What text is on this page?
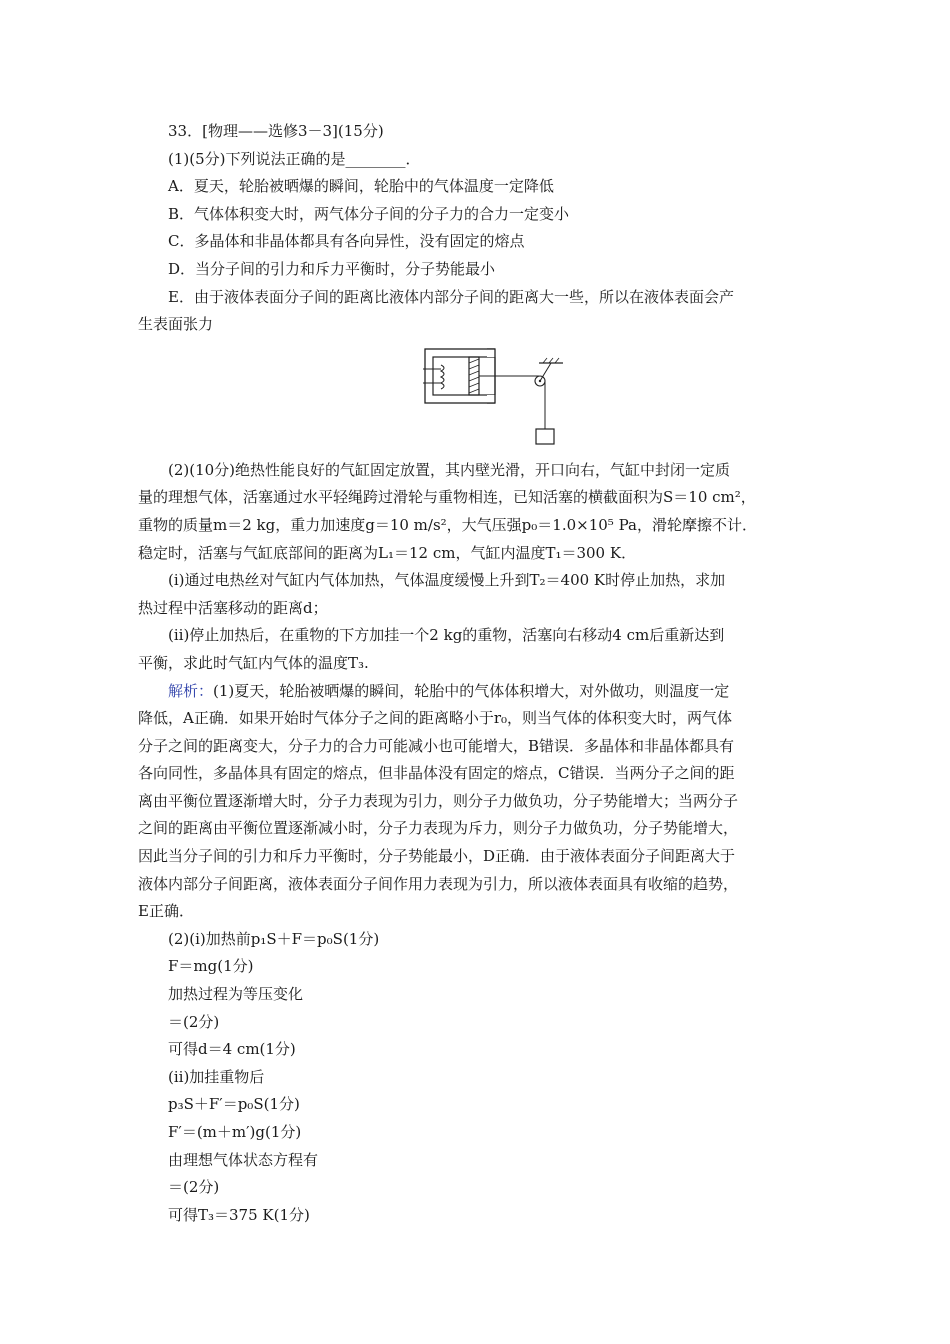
33．[物理——选修3－3](15分)
(1)(5分)下列说法正确的是________．
A．夏天，轮胎被晒爆的瞬间，轮胎中的气体温度一定降低
B．气体体积变大时，两气体分子间的分子力的合力一定变小
C．多晶体和非晶体都具有各向异性，没有固定的熔点
D．当分子间的引力和斥力平衡时，分子势能最小
E．由于液体表面分子间的距离比液体内部分子间的距离大一些，所以在液体表面会产
生表面张力
(2)(10分)绝热性能良好的气缸固定放置，其内壁光滑，开口向右，气缸中封闭一定质
量的理想气体，活塞通过水平轻绳跨过滑轮与重物相连，已知活塞的横截面积为S＝10 cm²，
重物的质量m＝2 kg，重力加速度g＝10 m/s²，大气压强p₀＝1.0×10⁵ Pa，滑轮摩擦不计．
稳定时，活塞与气缸底部间的距离为L₁＝12 cm，气缸内温度T₁＝300 K．
(ⅰ)通过电热丝对气缸内气体加热，气体温度缓慢上升到T₂＝400 K时停止加热，求加
热过程中活塞移动的距离d；
(ⅱ)停止加热后，在重物的下方加挂一个2 kg的重物，活塞向右移动4 cm后重新达到
平衡，求此时气缸内气体的温度T₃.
解析：(1)夏天，轮胎被晒爆的瞬间，轮胎中的气体体积增大，对外做功，则温度一定
降低，A正确．如果开始时气体分子之间的距离略小于r₀，则当气体的体积变大时，两气体
分子之间的距离变大，分子力的合力可能减小也可能增大，B错误．多晶体和非晶体都具有
各向同性，多晶体具有固定的熔点，但非晶体没有固定的熔点，C错误．当两分子之间的距
离由平衡位置逐渐增大时，分子力表现为引力，则分子力做负功，分子势能增大；当两分子
之间的距离由平衡位置逐渐减小时，分子力表现为斥力，则分子力做负功，分子势能增大，
因此当分子间的引力和斥力平衡时，分子势能最小，D正确．由于液体表面分子间距离大于
液体内部分子间距离，液体表面分子间作用力表现为引力，所以液体表面具有收缩的趋势，
E正确．
(2)(ⅰ)加热前p₁S＋F＝p₀S(1分)
F＝mg(1分)
加热过程为等压变化
＝(2分)
可得d＝4 cm(1分)
(ⅱ)加挂重物后
p₃S＋F′＝p₀S(1分)
F′＝(m＋m′)g(1分)
由理想气体状态方程有
＝(2分)
可得T₃＝375 K(1分)
